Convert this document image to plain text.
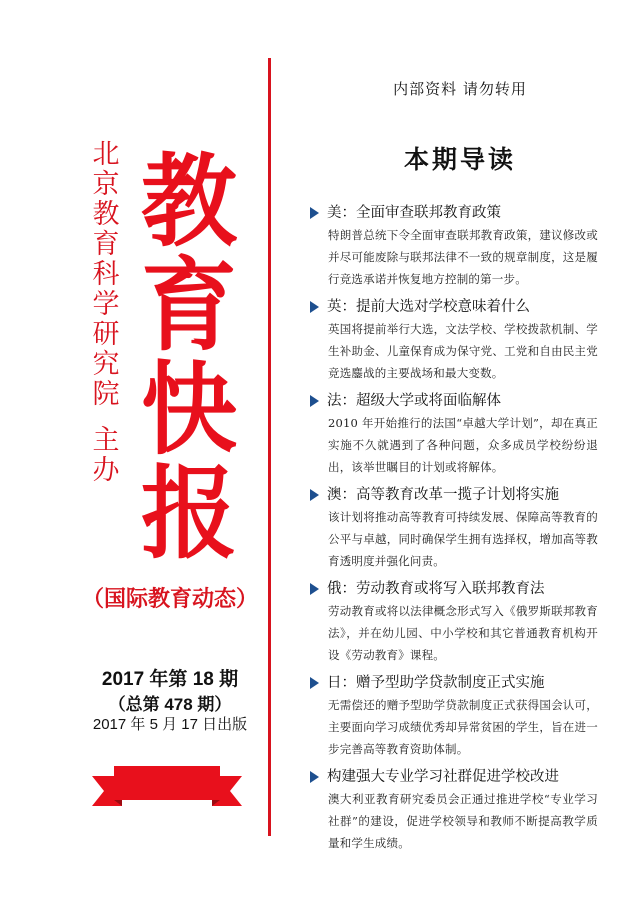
北
京
教
育
科
学
研
究
院
主
办
教
育
快
报
（国际教育动态）
2017 年第 18 期
（总第 478 期）
2017 年 5 月 17 日出版
内部资料 请勿转用
本期导读
美：全面审查联邦教育政策
特朗普总统下令全面审查联邦教育政策，建议修改或并尽可能废除与联邦法律不一致的规章制度，这是履行竞选承诺并恢复地方控制的第一步。
英：提前大选对学校意味着什么
英国将提前举行大选，文法学校、学校拨款机制、学生补助金、儿童保育成为保守党、工党和自由民主党竞选鏖战的主要战场和最大变数。
法：超级大学或将面临解体
2010 年开始推行的法国“卓越大学计划”，却在真正实施不久就遇到了各种问题，众多成员学校纷纷退出，该举世瞩目的计划或将解体。
澳：高等教育改革一揽子计划将实施
该计划将推动高等教育可持续发展、保障高等教育的公平与卓越，同时确保学生拥有选择权，增加高等教育透明度并强化问责。
俄：劳动教育或将写入联邦教育法
劳动教育或将以法律概念形式写入《俄罗斯联邦教育法》，并在幼儿园、中小学校和其它普通教育机构开设《劳动教育》课程。
日：赠予型助学贷款制度正式实施
无需偿还的赠予型助学贷款制度正式获得国会认可，主要面向学习成绩优秀却异常贫困的学生，旨在进一步完善高等教育资助体制。
构建强大专业学习社群促进学校改进
澳大利亚教育研究委员会正通过推进学校“专业学习社群”的建设，促进学校领导和教师不断提高教学质量和学生成绩。
